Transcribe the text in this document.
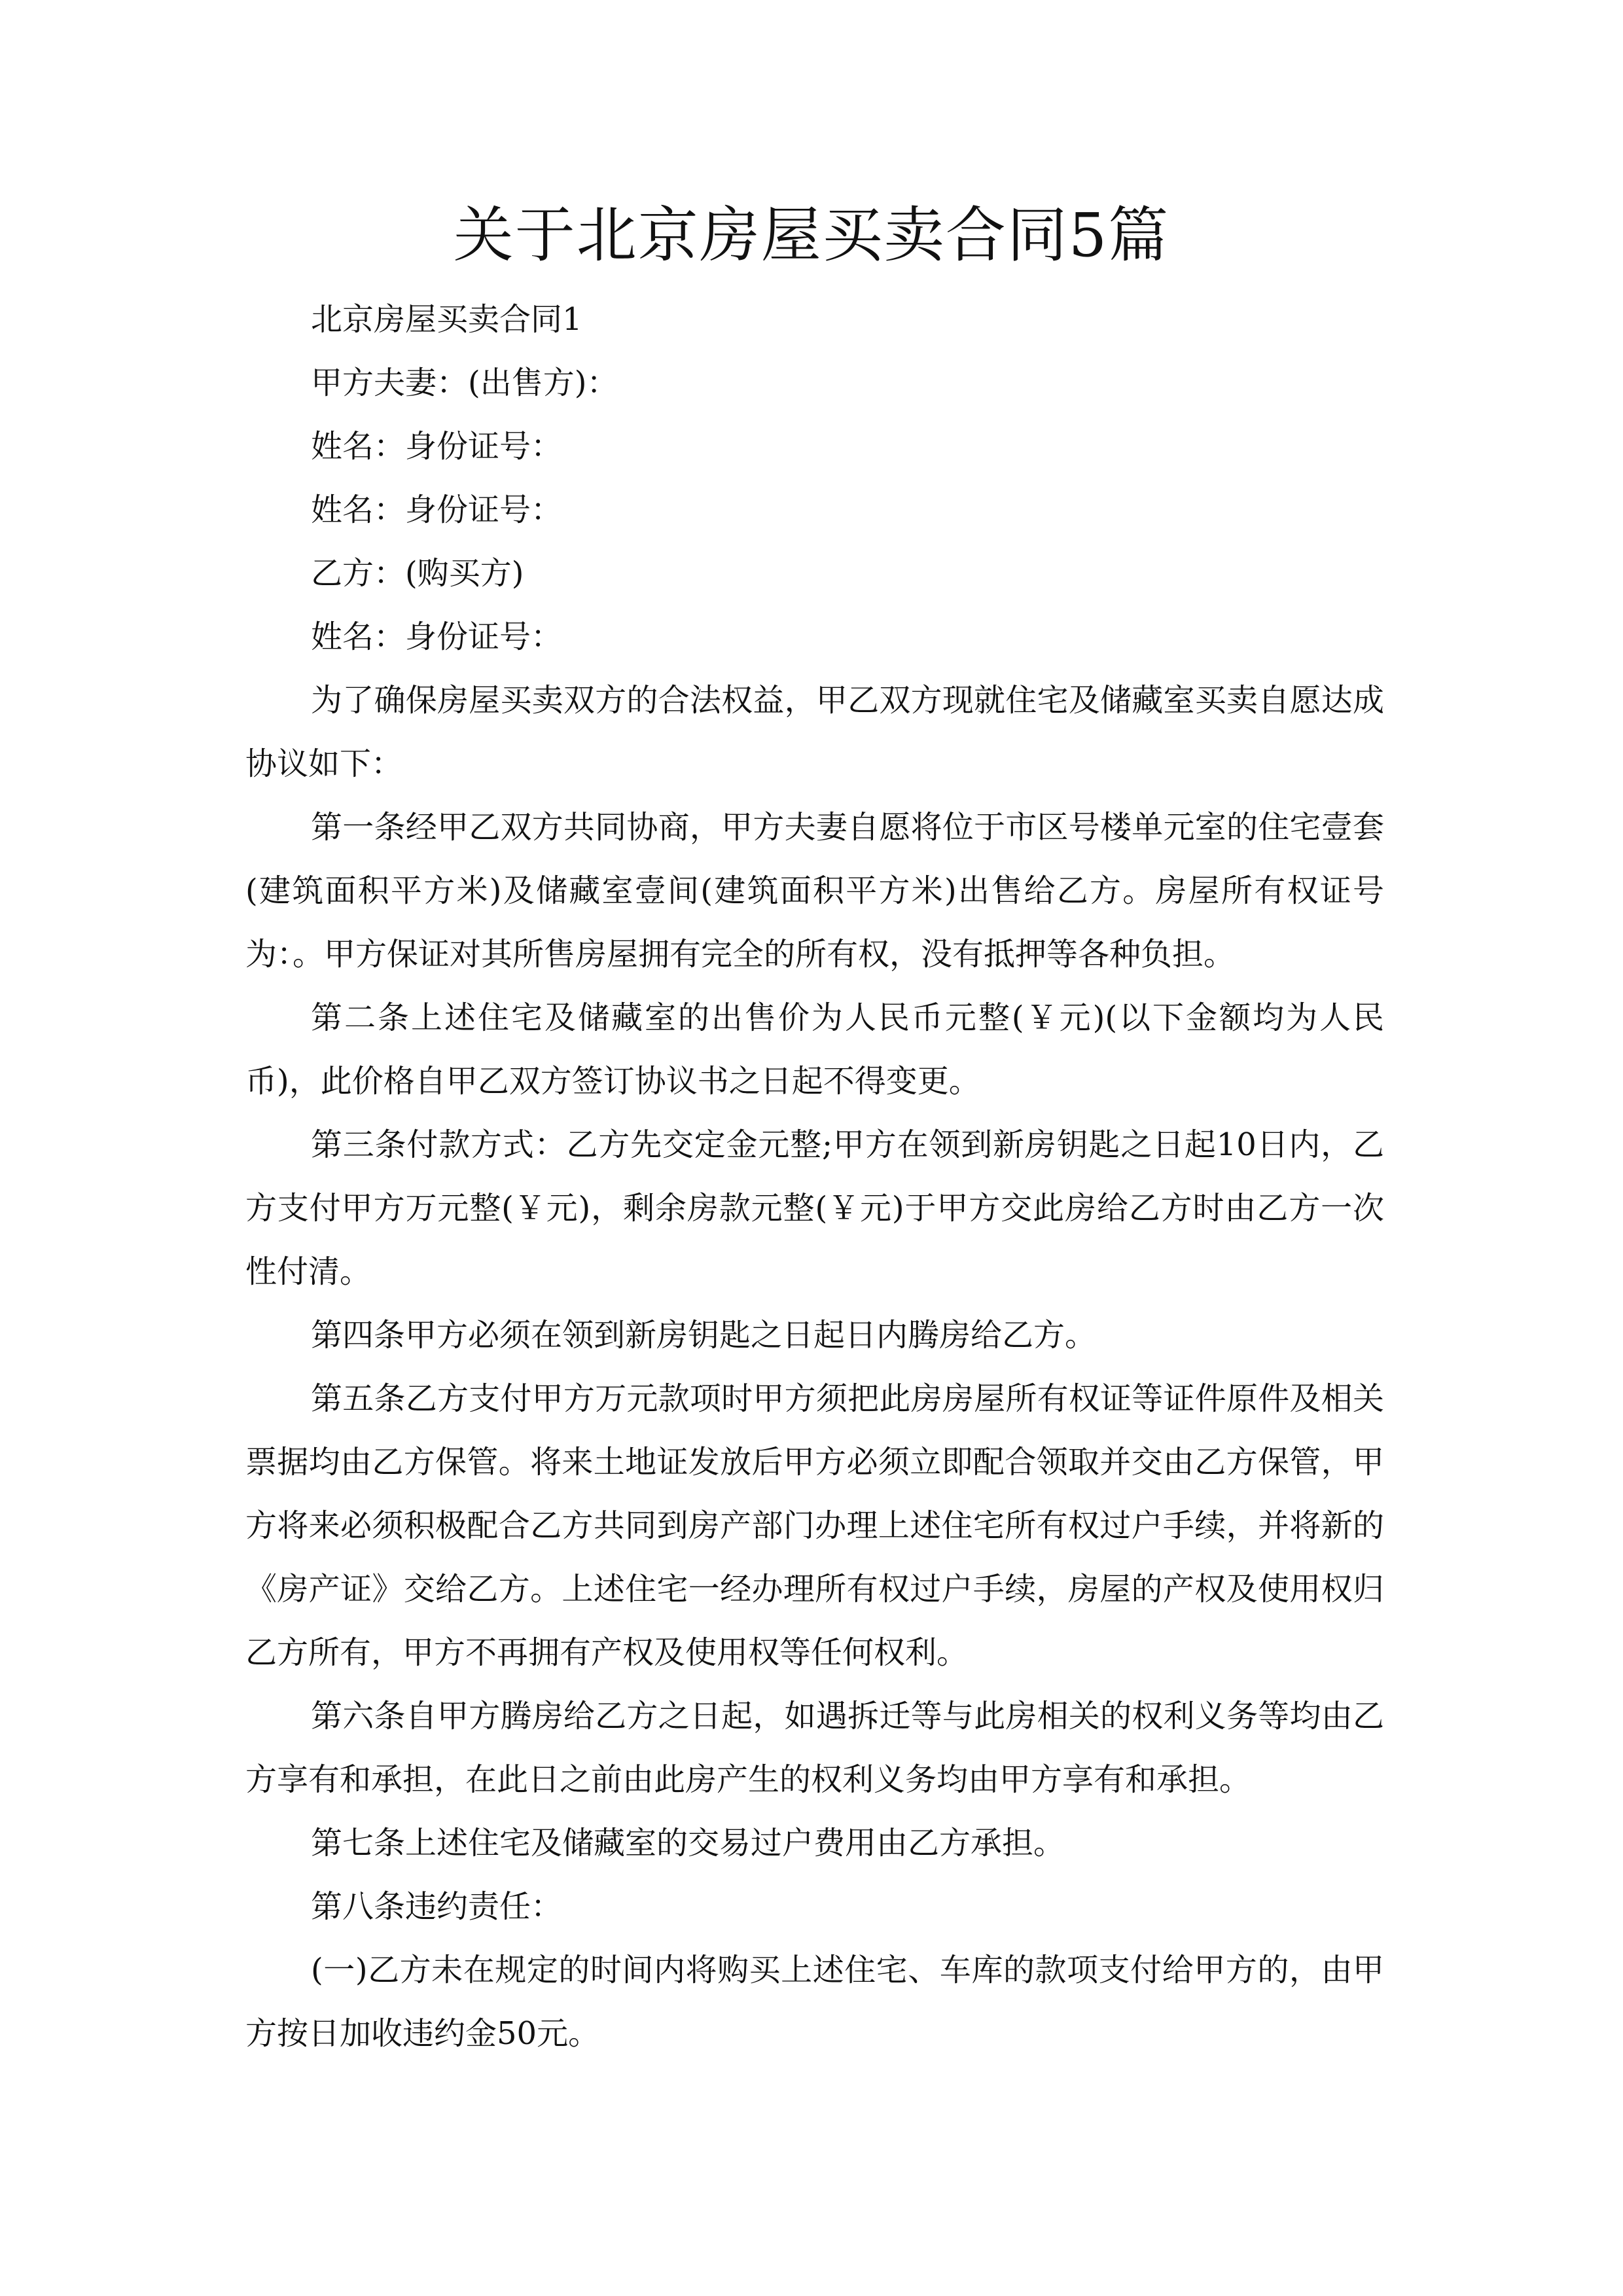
关于北京房屋买卖合同5篇

北京房屋买卖合同1

甲方夫妻：(出售方)：

姓名：身份证号：

姓名：身份证号：

乙方：(购买方)

姓名：身份证号：

为了确保房屋买卖双方的合法权益，甲乙双方现就住宅及储藏室买卖自愿达成协议如下：

第一条经甲乙双方共同协商，甲方夫妻自愿将位于市区号楼单元室的住宅壹套(建筑面积平方米)及储藏室壹间(建筑面积平方米)出售给乙方。房屋所有权证号为：。甲方保证对其所售房屋拥有完全的所有权，没有抵押等各种负担。

第二条上述住宅及储藏室的出售价为人民币元整(￥元)(以下金额均为人民币)，此价格自甲乙双方签订协议书之日起不得变更。

第三条付款方式：乙方先交定金元整;甲方在领到新房钥匙之日起10日内，乙方支付甲方万元整(￥元)，剩余房款元整(￥元)于甲方交此房给乙方时由乙方一次性付清。

第四条甲方必须在领到新房钥匙之日起日内腾房给乙方。

第五条乙方支付甲方万元款项时甲方须把此房房屋所有权证等证件原件及相关票据均由乙方保管。将来土地证发放后甲方必须立即配合领取并交由乙方保管，甲方将来必须积极配合乙方共同到房产部门办理上述住宅所有权过户手续，并将新的《房产证》交给乙方。上述住宅一经办理所有权过户手续，房屋的产权及使用权归乙方所有，甲方不再拥有产权及使用权等任何权利。

第六条自甲方腾房给乙方之日起，如遇拆迁等与此房相关的权利义务等均由乙方享有和承担，在此日之前由此房产生的权利义务均由甲方享有和承担。

第七条上述住宅及储藏室的交易过户费用由乙方承担。

第八条违约责任：

(一)乙方未在规定的时间内将购买上述住宅、车库的款项支付给甲方的，由甲方按日加收违约金50元。
